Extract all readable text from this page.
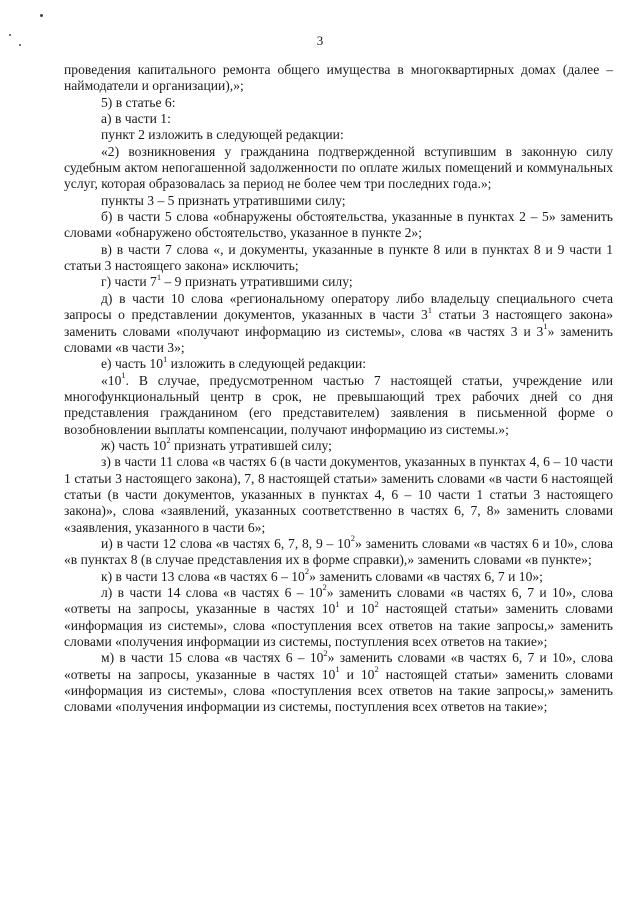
3

проведения капитального ремонта общего имущества в многоквартирных домах (далее – наймодатели и организации),»;

5) в статье 6:

а) в части 1:

пункт 2 изложить в следующей редакции:

«2) возникновения у гражданина подтвержденной вступившим в законную силу судебным актом непогашенной задолженности по оплате жилых помещений и коммунальных услуг, которая образовалась за период не более чем три последних года.»;

пункты 3 – 5 признать утратившими силу;

б) в части 5 слова «обнаружены обстоятельства, указанные в пунктах 2 – 5» заменить словами «обнаружено обстоятельство, указанное в пункте 2»;

в) в части 7 слова «, и документы, указанные в пункте 8 или в пунктах 8 и 9 части 1 статьи 3 настоящего закона» исключить;

г) части $7^1 - 9$ признать утратившими силу;

д) в части 10 слова «региональному оператору либо владельцу специального счета запросы о представлении документов, указанных в части $3^1$ статьи 3 настоящего закона» заменить словами «получают информацию из системы», слова «в частях 3 и $3^1$» заменить словами «в части 3»;

е) часть $10^1$ изложить в следующей редакции:

«$10^1$. В случае, предусмотренном частью 7 настоящей статьи, учреждение или многофункциональный центр в срок, не превышающий трех рабочих дней со дня представления гражданином (его представителем) заявления в письменной форме о возобновлении выплаты компенсации, получают информацию из системы.»;

ж) часть $10^2$ признать утратившей силу;

з) в части 11 слова «в частях 6 (в части документов, указанных в пунктах 4, 6 – 10 части 1 статьи 3 настоящего закона), 7, 8 настоящей статьи» заменить словами «в части 6 настоящей статьи (в части документов, указанных в пунктах 4, 6 – 10 части 1 статьи 3 настоящего закона)», слова «заявлений, указанных соответственно в частях 6, 7, 8» заменить словами «заявления, указанного в части 6»;

и) в части 12 слова «в частях 6, 7, 8, $9 - 10^2$» заменить словами «в частях 6 и 10», слова «в пунктах 8 (в случае представления их в форме справки),» заменить словами «в пункте»;

к) в части 13 слова «в частях $6 - 10^2$» заменить словами «в частях 6, 7 и 10»;

л) в части 14 слова «в частях $6 - 10^2$» заменить словами «в частях 6, 7 и 10», слова «ответы на запросы, указанные в частях $10^1$ и $10^2$ настоящей статьи» заменить словами «информация из системы», слова «поступления всех ответов на такие запросы,» заменить словами «получения информации из системы, поступления всех ответов на такие»;

м) в части 15 слова «в частях $6 - 10^2$» заменить словами «в частях 6, 7 и 10», слова «ответы на запросы, указанные в частях $10^1$ и $10^2$ настоящей статьи» заменить словами «информация из системы», слова «поступления всех ответов на такие запросы,» заменить словами «получения информации из системы, поступления всех ответов на такие»;
